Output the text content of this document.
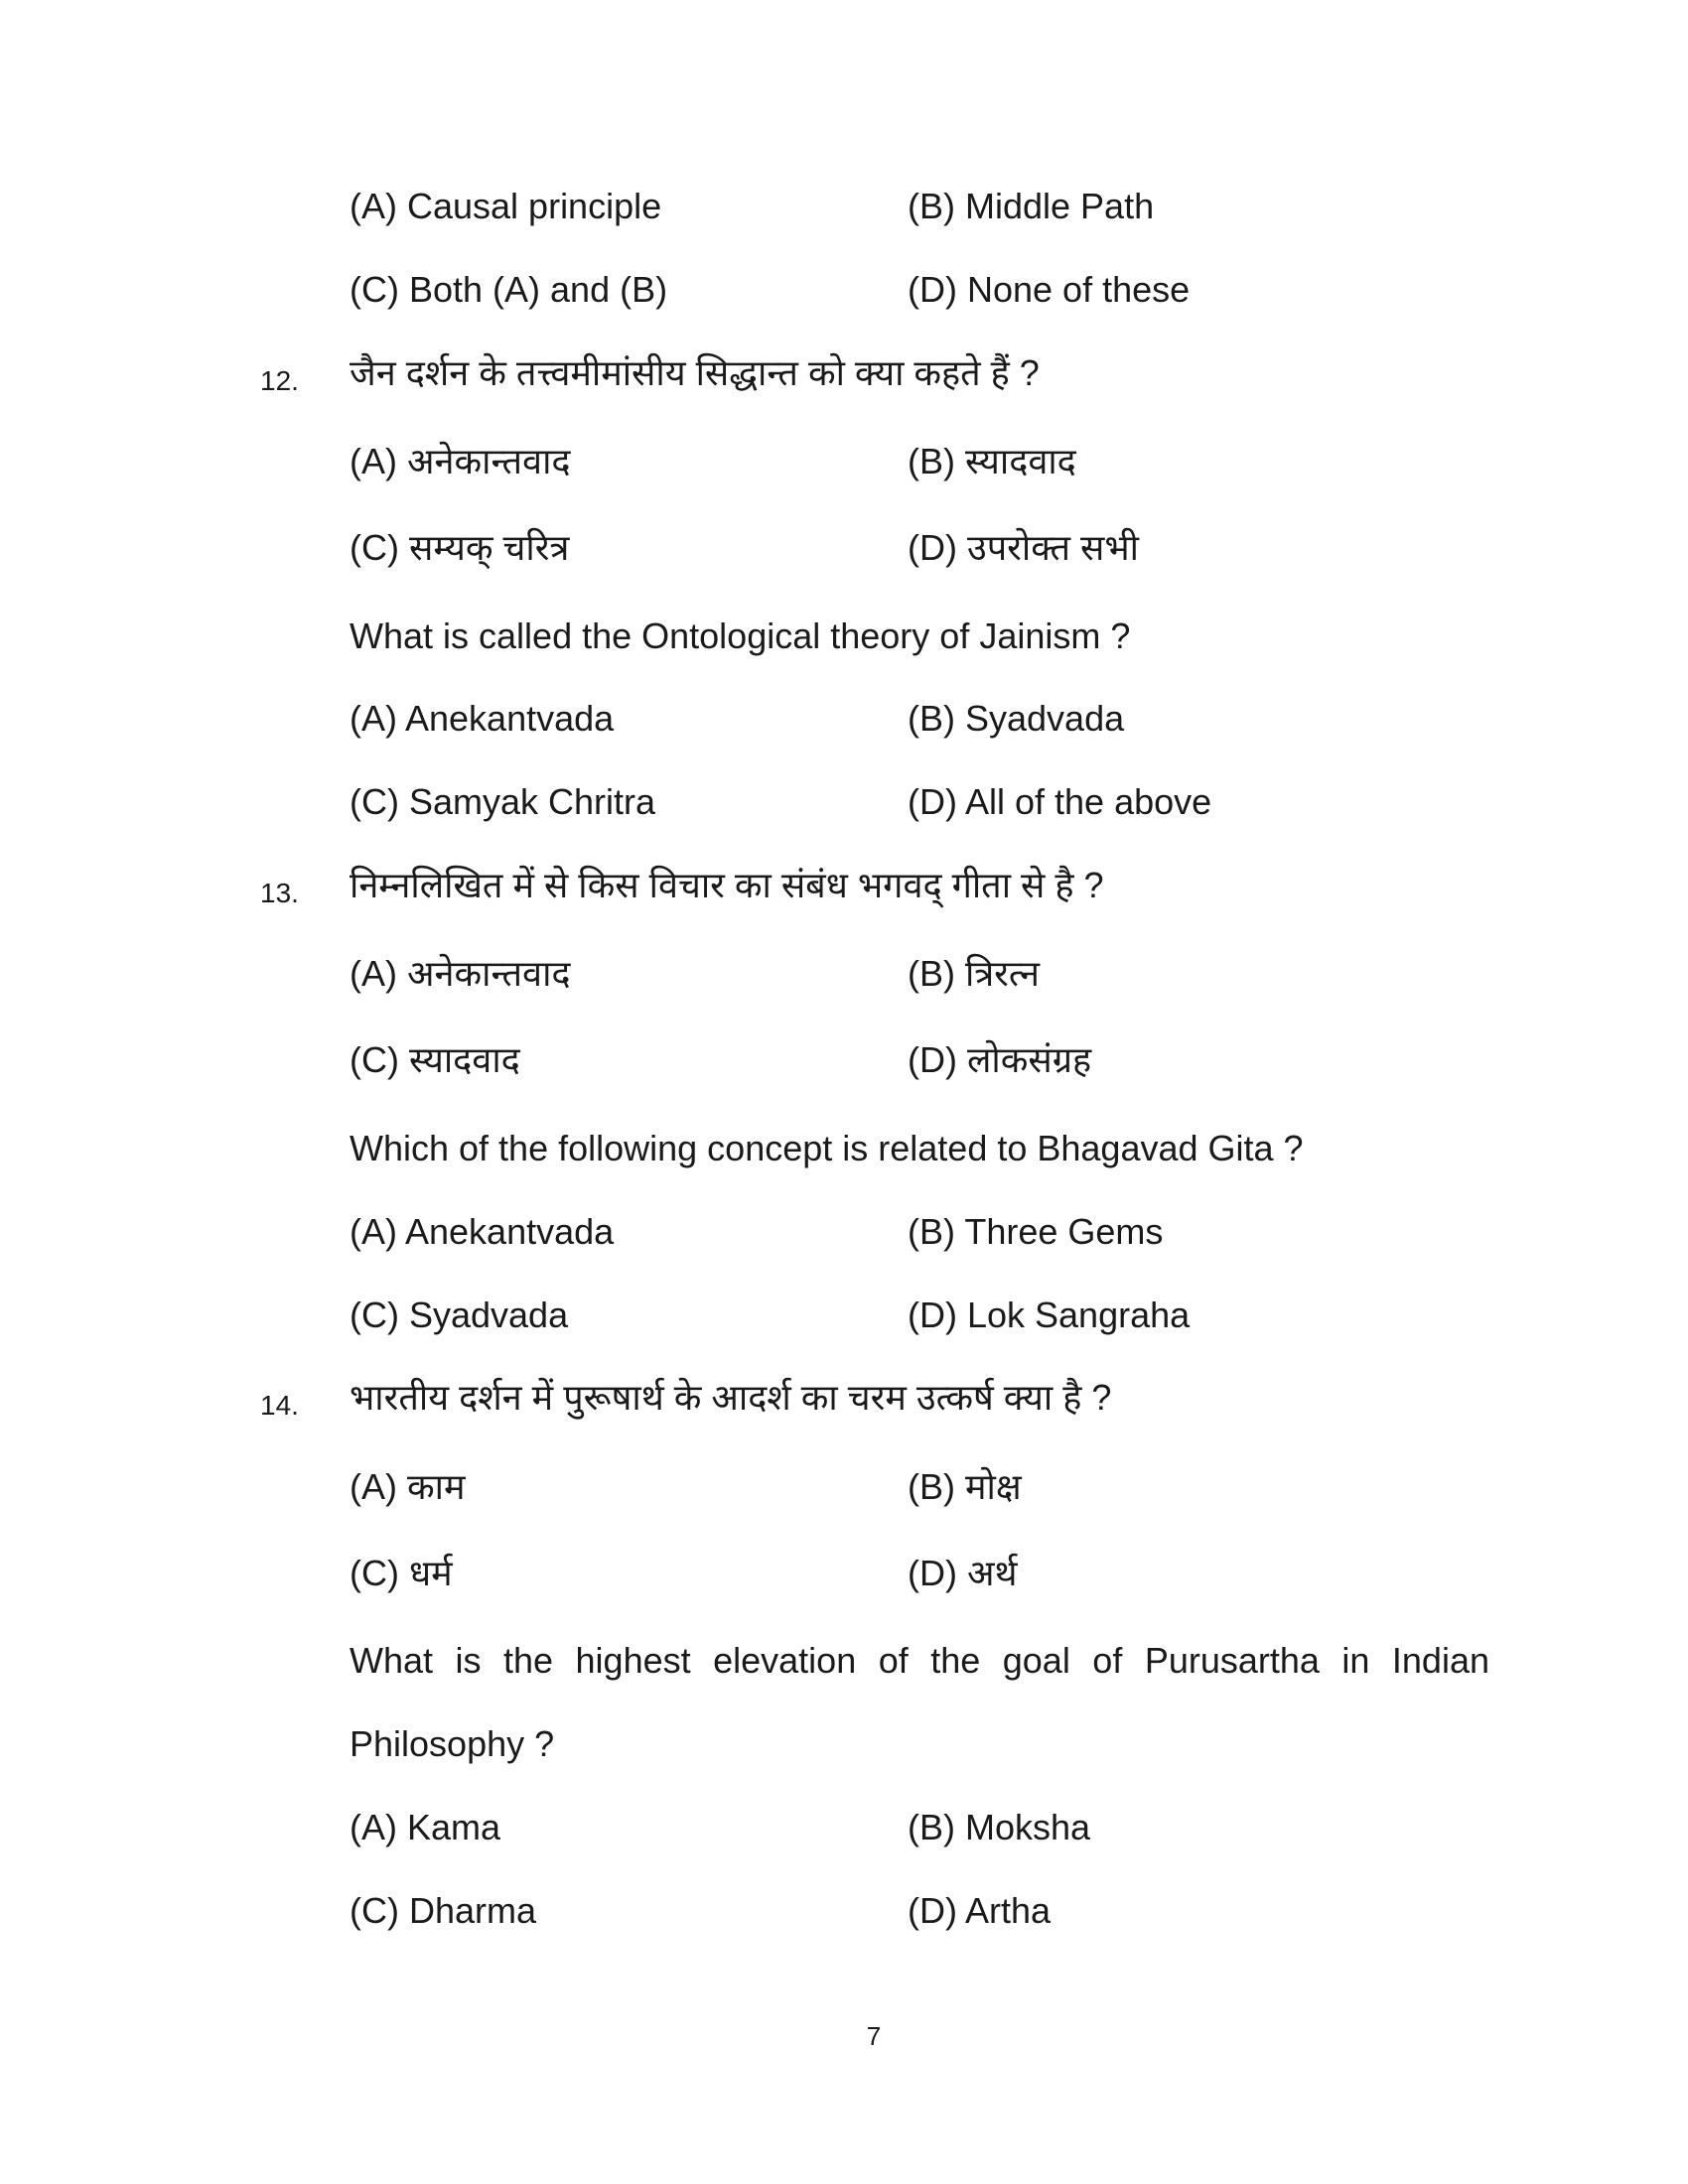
(A) Causal principle	(B) Middle Path
(C) Both (A) and (B)	(D) None of these
12. जैन दर्शन के तत्त्वमीमांसीय सिद्धान्त को क्या कहते हैं ?
(A) अनेकान्तवाद	(B) स्यादवाद
(C) सम्यक् चरित्र	(D) उपरोक्त सभी
What is called the Ontological theory of Jainism ?
(A) Anekantvada	(B) Syadvada
(C) Samyak Chritra	(D) All of the above
13. निम्नलिखित में से किस विचार का संबंध भगवद् गीता से है ?
(A) अनेकान्तवाद	(B) त्रिरत्न
(C) स्यादवाद	(D) लोकसंग्रह
Which of the following concept is related to Bhagavad Gita ?
(A) Anekantvada	(B) Three Gems
(C) Syadvada	(D) Lok Sangraha
14. भारतीय दर्शन में पुरूषार्थ के आदर्श का चरम उत्कर्ष क्या है ?
(A) काम	(B) मोक्ष
(C) धर्म	(D) अर्थ
What is the highest elevation of the goal of Purusartha in Indian
Philosophy ?
(A) Kama	(B) Moksha
(C) Dharma	(D) Artha
7
